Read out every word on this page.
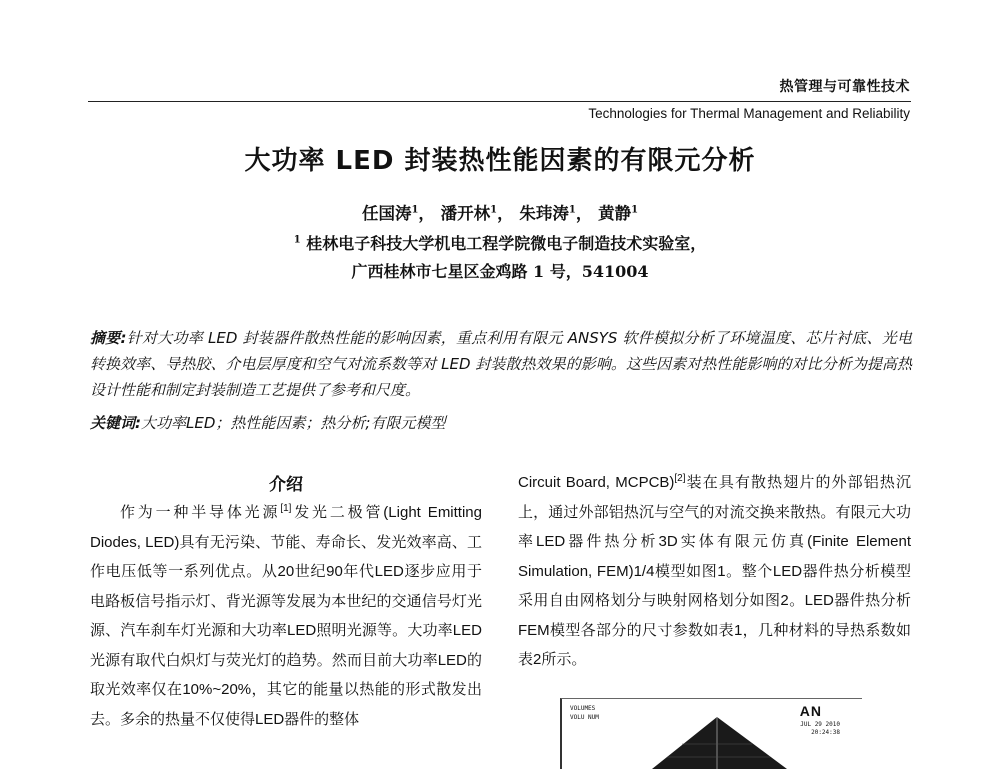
热管理与可靠性技术
Technologies for Thermal Management and Reliability
大功率 LED 封装热性能因素的有限元分析
任国涛$^1$， 潘开林$^1$， 朱玮涛$^1$， 黄静$^1$
$^1$ 桂林电子科技大学机电工程学院微电子制造技术实验室，
广西桂林市七星区金鸡路 1 号，541004
摘要:针对大功率 LED 封装器件散热性能的影响因素，重点利用有限元 ANSYS 软件模拟分析了环境温度、芯片衬底、光电转换效率、导热胶、介电层厚度和空气对流系数等对 LED 封装散热效果的影响。这些因素对热性能影响的对比分析为提高热设计性能和制定封装制造工艺提供了参考和尺度。
关键词:大功率LED；热性能因素；热分析;有限元模型
介绍

作为一种半导体光源[1]发光二极管(Light Emitting Diodes, LED)具有无污染、节能、寿命长、发光效率高、工作电压低等一系列优点。从20世纪90年代LED逐步应用于电路板信号指示灯、背光源等发展为本世纪的交通信号灯光源、汽车刹车灯光源和大功率LED照明光源等。大功率LED光源有取代白炽灯与荧光灯的趋势。然而目前大功率LED的取光效率仅在10%~20%，其它的能量以热能的形式散发出去。多余的热量不仅使得LED器件的整体

Circuit Board, MCPCB)[2]装在具有散热翅片的外部铝热沉上，通过外部铝热沉与空气的对流交换来散热。有限元大功率LED器件热分析3D实体有限元仿真(Finite Element Simulation, FEM)1/4模型如图1。整个LED器件热分析模型采用自由网格划分与映射网格划分如图2。LED器件热分析FEM模型各部分的尺寸参数如表1，几种材料的导热系数如表2所示。

VOLUMES
VOLU NUM	AN
JUL 29 2010
20:24:38
